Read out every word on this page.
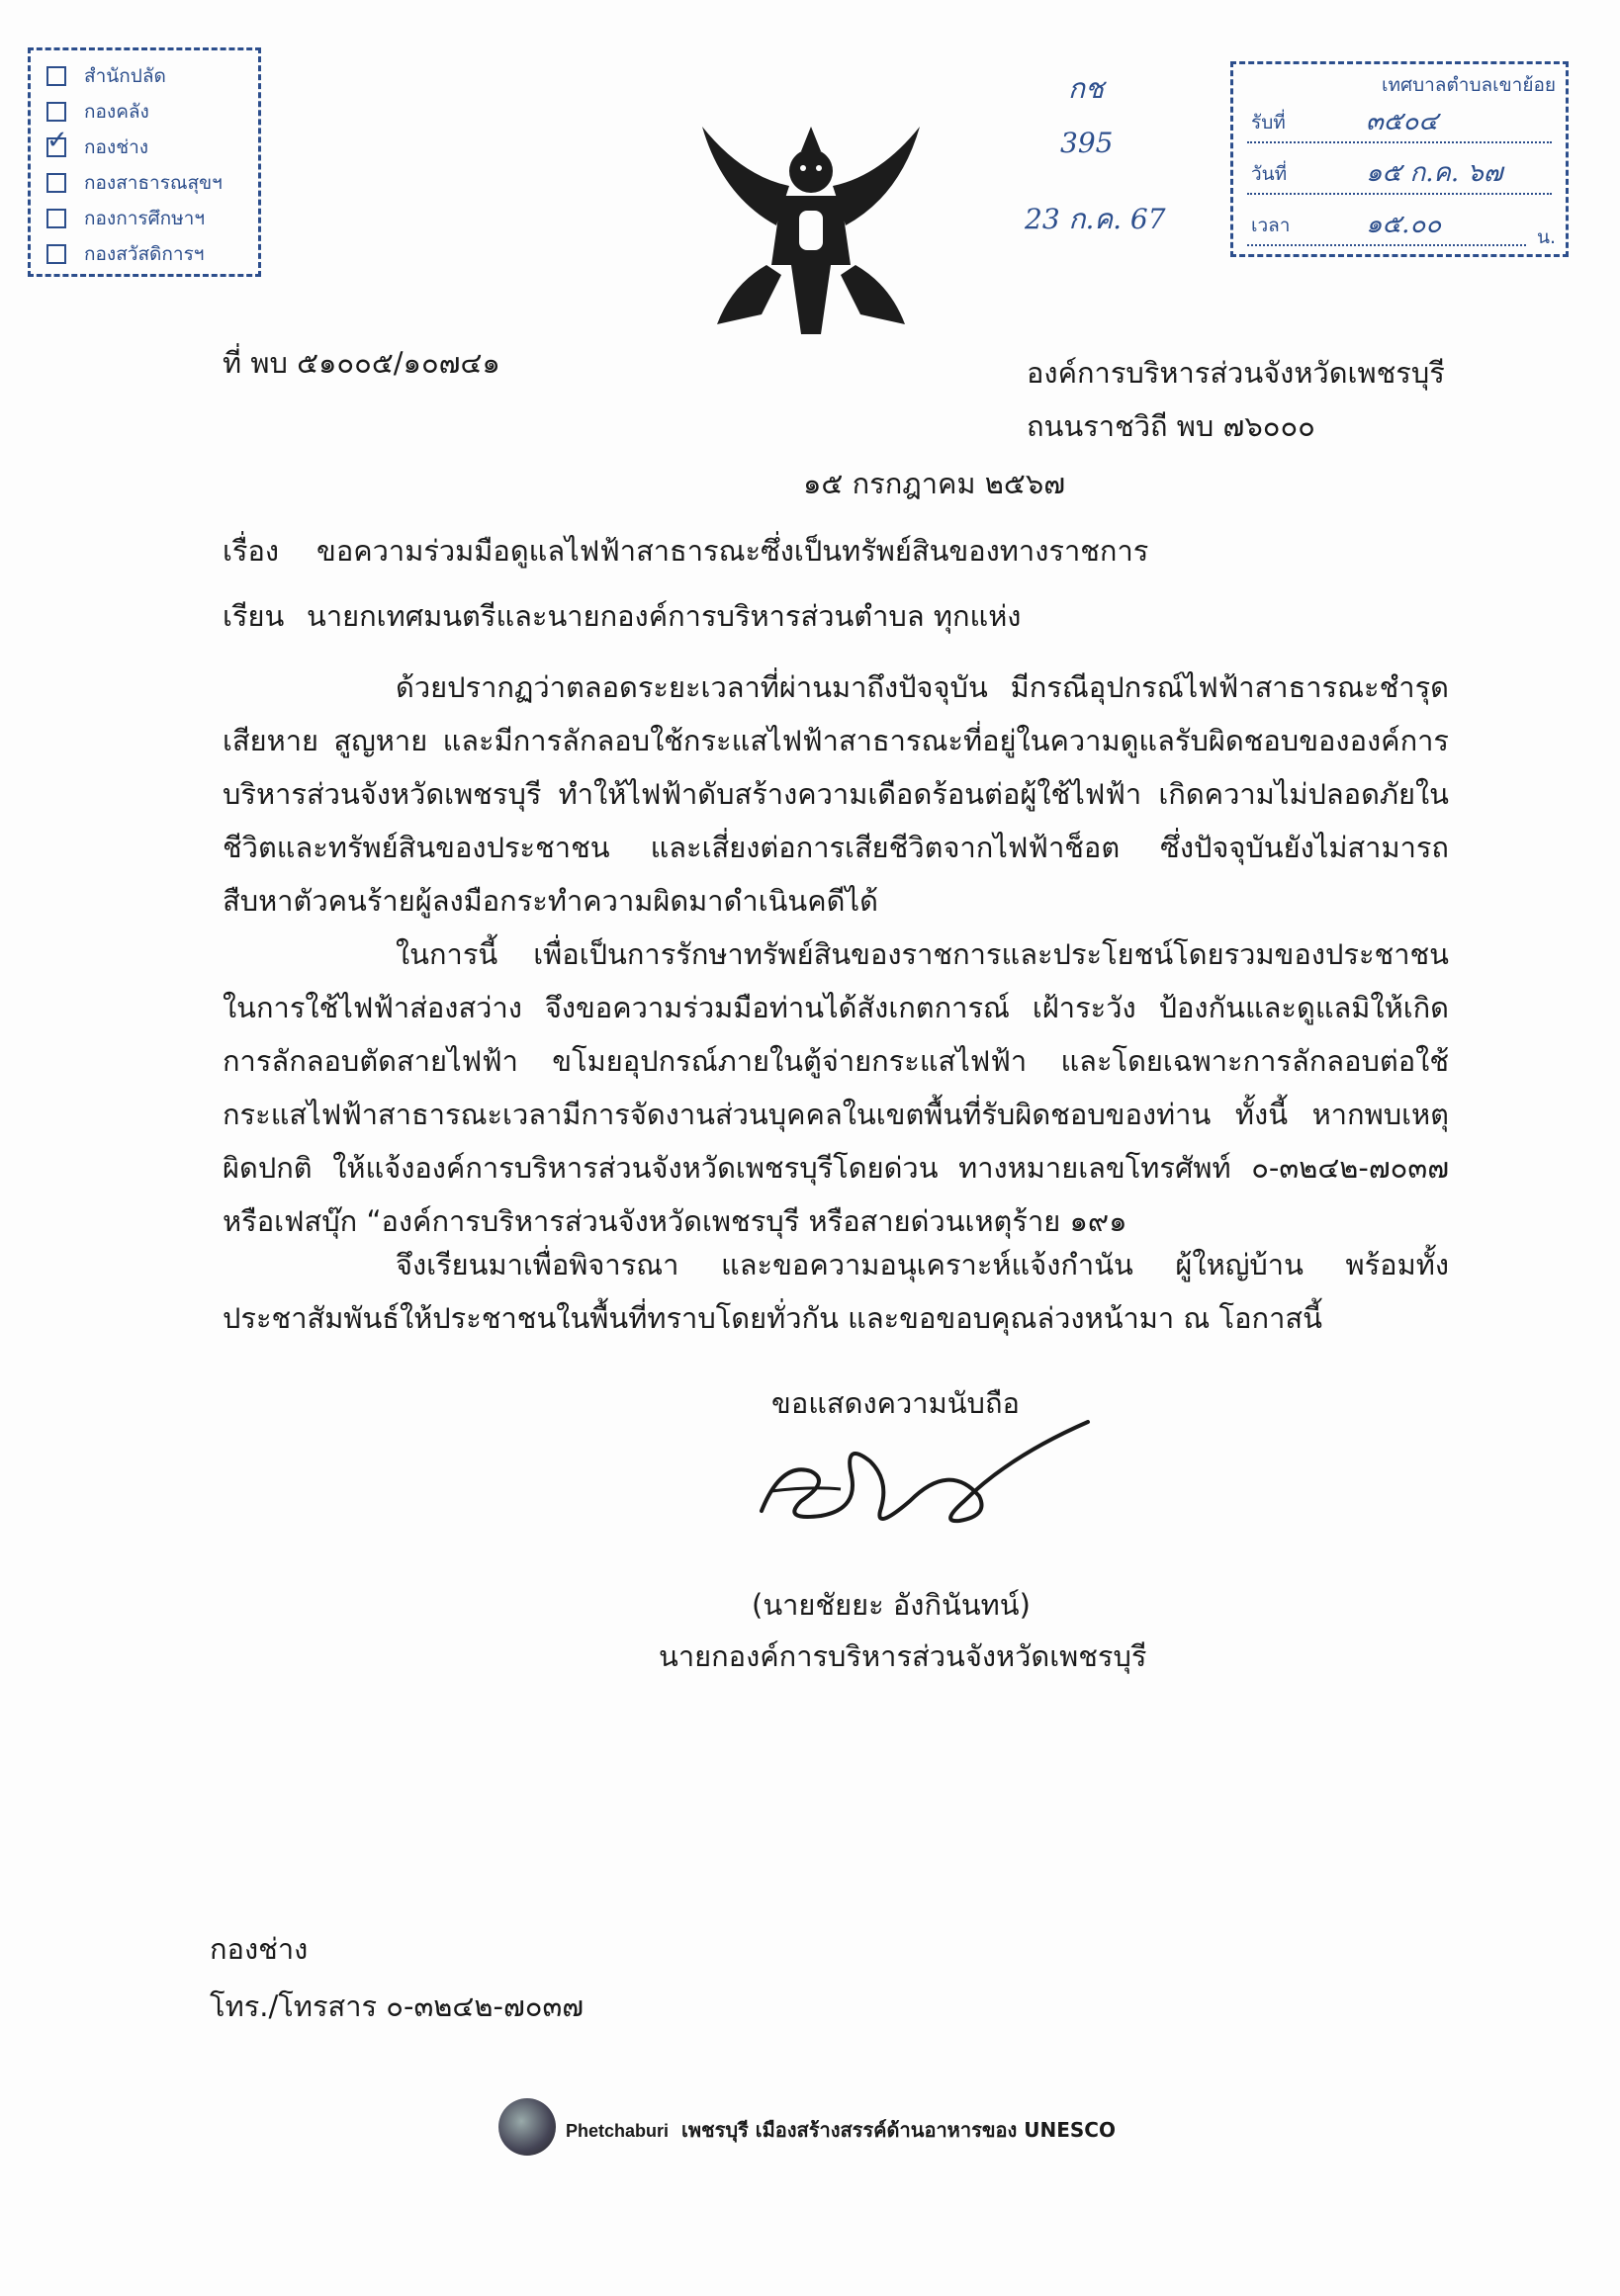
สำนักปลัด
กองคลัง
✓
กองช่าง
กองสาธารณสุขฯ
กองการศึกษาฯ
กองสวัสดิการฯ
กช
395
23 ก.ค. 67
เทศบาลตำบลเขาย้อย
รับที่	๓๕๐๔
วันที่	๑๕ ก.ค. ๖๗
เวลา	๑๕.๐๐	น.
ที่ พบ ๕๑๐๐๕/๑๐๗๔๑	องค์การบริหารส่วนจังหวัดเพชรบุรี
ถนนราชวิถี พบ ๗๖๐๐๐
๑๕ กรกฎาคม ๒๕๖๗
เรื่อง ขอความร่วมมือดูแลไฟฟ้าสาธารณะซึ่งเป็นทรัพย์สินของทางราชการ
เรียน นายกเทศมนตรีและนายกองค์การบริหารส่วนตำบล ทุกแห่ง
ด้วยปรากฏว่าตลอดระยะเวลาที่ผ่านมาถึงปัจจุบัน มีกรณีอุปกรณ์ไฟฟ้าสาธารณะชำรุดเสียหาย สูญหาย และมีการลักลอบใช้กระแสไฟฟ้าสาธารณะที่อยู่ในความดูแลรับผิดชอบขององค์การบริหารส่วนจังหวัดเพชรบุรี ทำให้ไฟฟ้าดับสร้างความเดือดร้อนต่อผู้ใช้ไฟฟ้า เกิดความไม่ปลอดภัยในชีวิตและทรัพย์สินของประชาชน และเสี่ยงต่อการเสียชีวิตจากไฟฟ้าช็อต ซึ่งปัจจุบันยังไม่สามารถสืบหาตัวคนร้ายผู้ลงมือกระทำความผิดมาดำเนินคดีได้
ในการนี้ เพื่อเป็นการรักษาทรัพย์สินของราชการและประโยชน์โดยรวมของประชาชนในการใช้ไฟฟ้าส่องสว่าง จึงขอความร่วมมือท่านได้สังเกตการณ์ เฝ้าระวัง ป้องกันและดูแลมิให้เกิดการลักลอบตัดสายไฟฟ้า ขโมยอุปกรณ์ภายในตู้จ่ายกระแสไฟฟ้า และโดยเฉพาะการลักลอบต่อใช้กระแสไฟฟ้าสาธารณะเวลามีการจัดงานส่วนบุคคลในเขตพื้นที่รับผิดชอบของท่าน ทั้งนี้ หากพบเหตุผิดปกติ ให้แจ้งองค์การบริหารส่วนจังหวัดเพชรบุรีโดยด่วน ทางหมายเลขโทรศัพท์ ๐-๓๒๔๒-๗๐๓๗ หรือเฟสบุ๊ก “องค์การบริหารส่วนจังหวัดเพชรบุรี หรือสายด่วนเหตุร้าย ๑๙๑
จึงเรียนมาเพื่อพิจารณา และขอความอนุเคราะห์แจ้งกำนัน ผู้ใหญ่บ้าน พร้อมทั้งประชาสัมพันธ์ให้ประชาชนในพื้นที่ทราบโดยทั่วกัน และขอขอบคุณล่วงหน้ามา ณ โอกาสนี้
ขอแสดงความนับถือ
(นายชัยยะ อังกินันทน์)
นายกองค์การบริหารส่วนจังหวัดเพชรบุรี
กองช่าง
โทร./โทรสาร ๐-๓๒๔๒-๗๐๓๗
Phetchaburi เพชรบุรี เมืองสร้างสรรค์ด้านอาหารของ UNESCO
